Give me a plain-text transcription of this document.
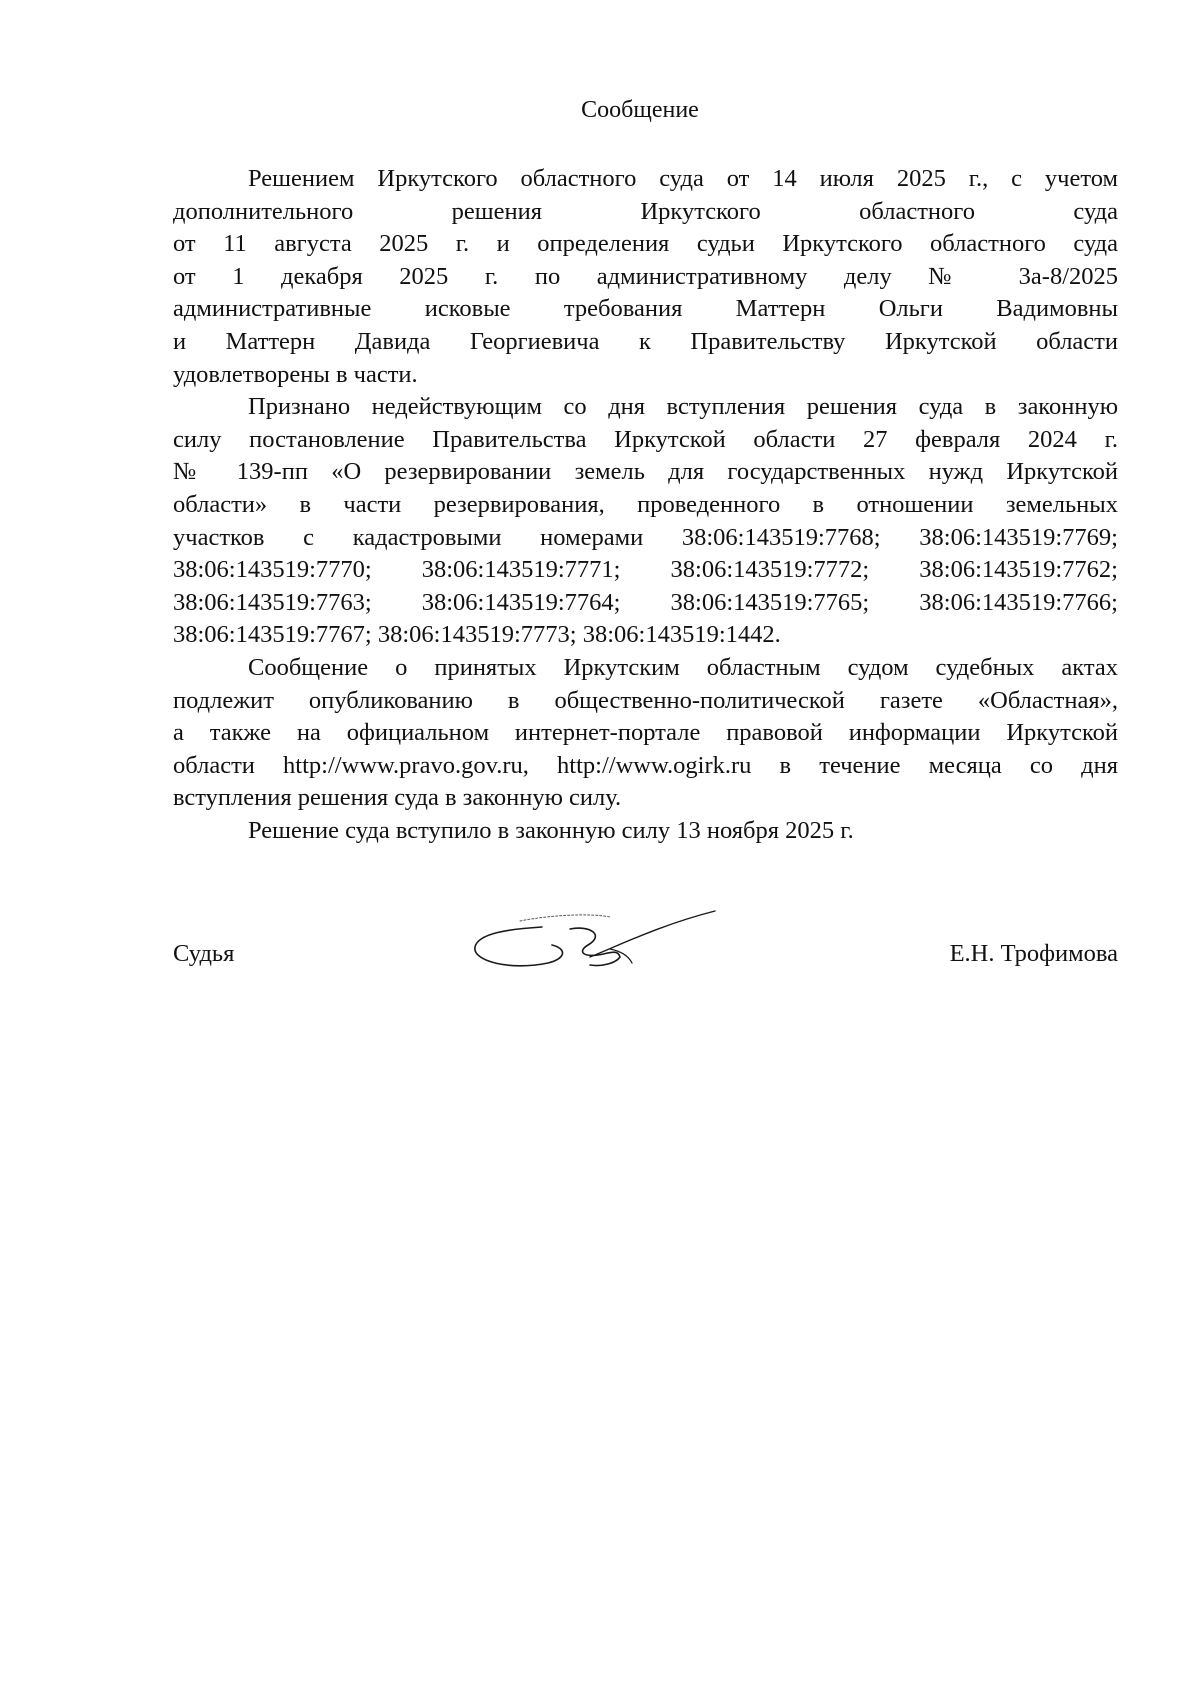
Сообщение

Решением Иркутского областного суда от 14 июля 2025 г., с учетом
дополнительного решения Иркутского областного суда
от 11 августа 2025 г. и определения судьи Иркутского областного суда
от 1 декабря 2025 г. по административному делу № 3а-8/2025
административные исковые требования Маттерн Ольги Вадимовны
и Маттерн Давида Георгиевича к Правительству Иркутской области
удовлетворены в части.

Признано недействующим со дня вступления решения суда в законную
силу постановление Правительства Иркутской области 27 февраля 2024 г.
№ 139-пп «О резервировании земель для государственных нужд Иркутской
области» в части резервирования, проведенного в отношении земельных
участков с кадастровыми номерами 38:06:143519:7768; 38:06:143519:7769;
38:06:143519:7770; 38:06:143519:7771; 38:06:143519:7772; 38:06:143519:7762;
38:06:143519:7763; 38:06:143519:7764; 38:06:143519:7765; 38:06:143519:7766;
38:06:143519:7767; 38:06:143519:7773; 38:06:143519:1442.

Сообщение о принятых Иркутским областным судом судебных актах
подлежит опубликованию в общественно-политической газете «Областная»,
а также на официальном интернет-портале правовой информации Иркутской
области http://www.pravo.gov.ru, http://www.ogirk.ru в течение месяца со дня
вступления решения суда в законную силу.

Решение суда вступило в законную силу 13 ноября 2025 г.

Судья	Е.Н. Трофимова
